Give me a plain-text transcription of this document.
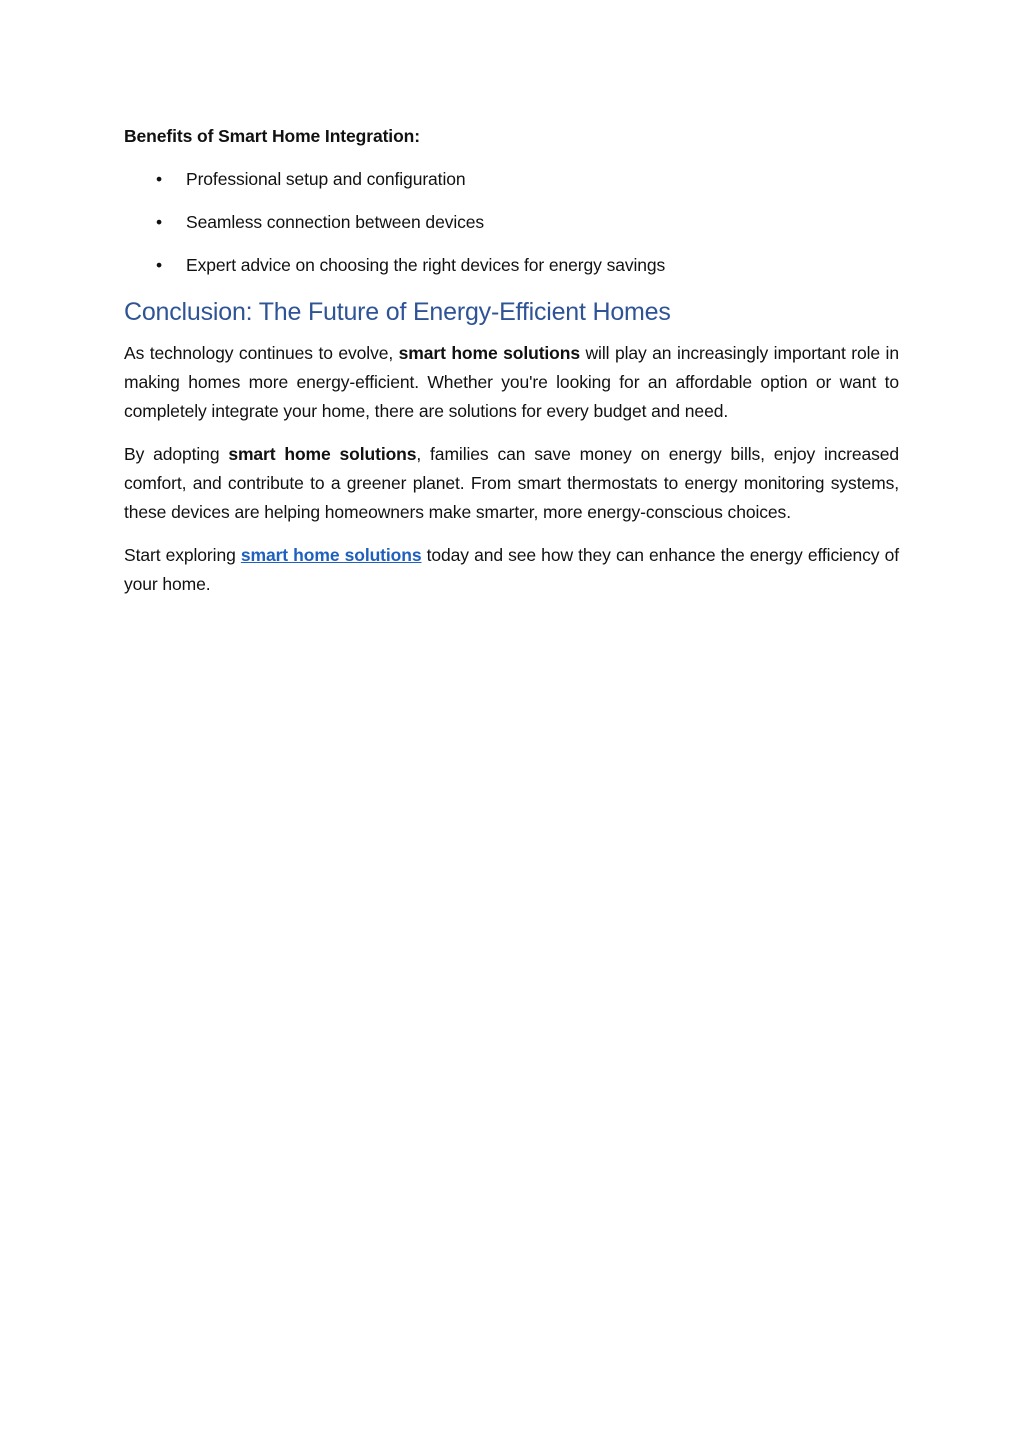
Benefits of Smart Home Integration:
• Professional setup and configuration
• Seamless connection between devices
• Expert advice on choosing the right devices for energy savings
Conclusion: The Future of Energy-Efficient Homes

As technology continues to evolve, smart home solutions will play an increasingly important role in making homes more energy-efficient. Whether you're looking for an affordable option or want to completely integrate your home, there are solutions for every budget and need.

By adopting smart home solutions, families can save money on energy bills, enjoy increased comfort, and contribute to a greener planet. From smart thermostats to energy monitoring systems, these devices are helping homeowners make smarter, more energy-conscious choices.

Start exploring smart home solutions today and see how they can enhance the energy efficiency of your home.
